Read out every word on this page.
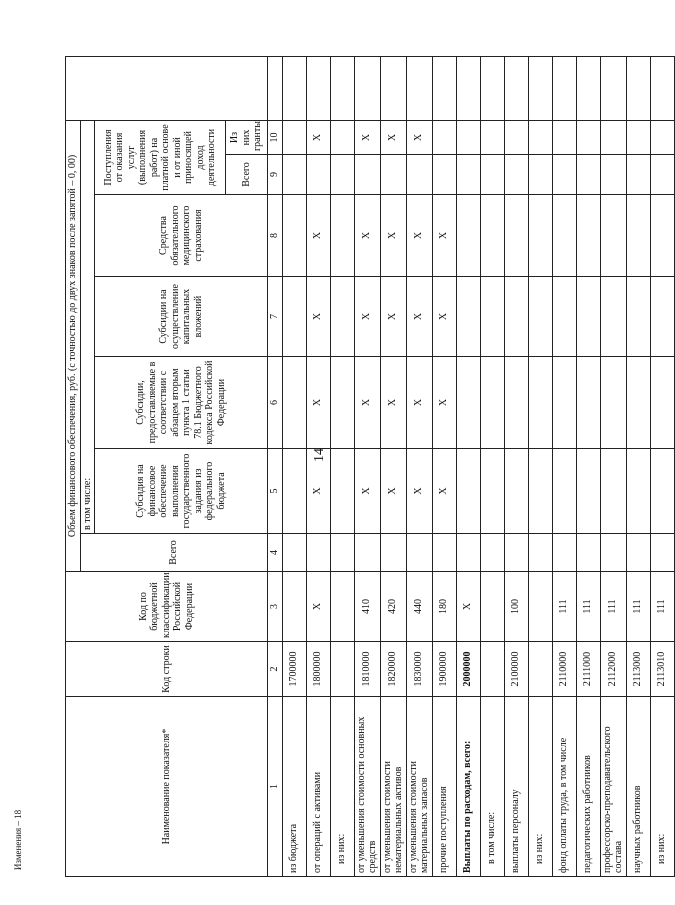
14
Изменения – 18	Наименование показателя*	Код строки	Код по бюджетной классификации Российской Федерации	Объем финансового обеспечения, руб. (с точностью до двух знаков после запятой – 0, 00)							
			Всего	в том числе:						
				Субсидия на финансовое обеспечение выполнения государственного задания из федерального бюджета	Субсидии, предоставляемые в соответствии с абзацем вторым пункта 1 статьи 78.1 Бюджетного кодекса Российской Федерации	Субсидии на осуществление капитальных вложений	Средства обязательного медицинского страхования	Поступления от оказания услуг (выполнения работ) на платной основе и от иной приносящей доход деятельности		
								Всего	Из них гранты	
1	2	3	4	5	6	7	8	9	10	
из бюджета	1700000									
от операций с активами	1800000	X		X	X	X	X		X	
из них:										
от уменьшения стоимости основных средств	1810000	410		X	X	X	X		X	
от уменьшения стоимости нематериальных активов	1820000	420		X	X	X	X		X	
от уменьшения стоимости материальных запасов	1830000	440		X	X	X	X		X	
прочие поступления	1900000	180		X	X	X	X			
Выплаты по расходам, всего:	2000000	X								
в том числе:										
выплаты персоналу	2100000	100								
из них:										
фонд оплаты труда, в том числе	2110000	111								
педагогических работников	2111000	111								
профессорско-преподавательского состава	2112000	111								
научных работников	2113000	111								
из них:	2113010	111								
